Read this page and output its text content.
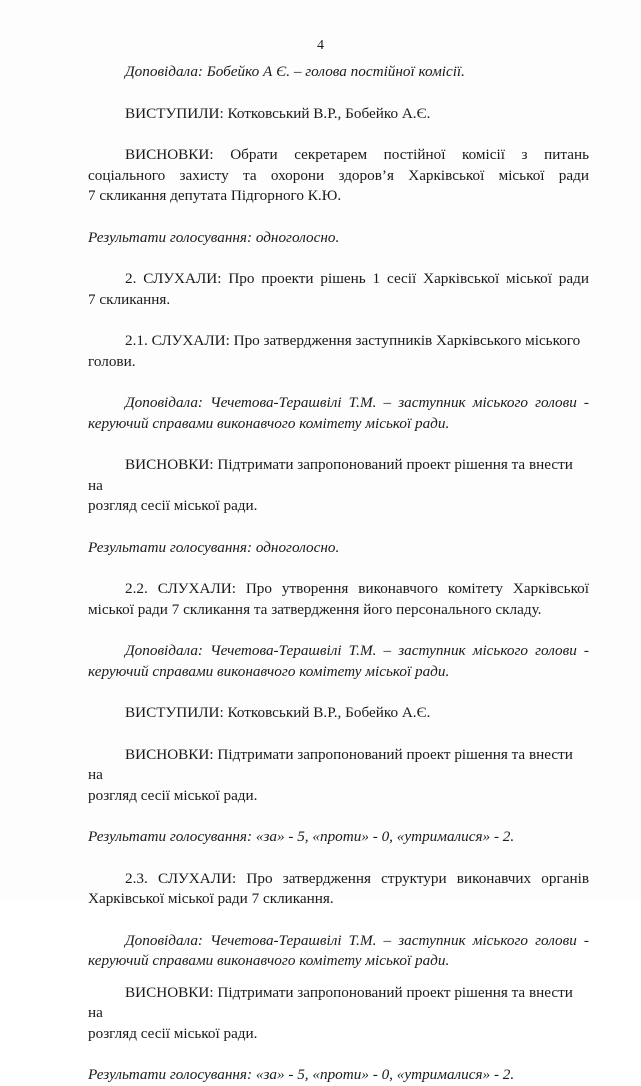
4

Доповідала: Бобейко А Є. – голова постійної комісії.

ВИСТУПИЛИ: Котковський В.Р., Бобейко А.Є.

ВИСНОВКИ: Обрати секретарем постійної комісії з питань

соціального захисту та охорони здоров’я Харківської міської ради

7 скликання депутата Підгорного К.Ю.

Результати голосування: одноголосно.

2. СЛУХАЛИ: Про проекти рішень 1 сесії Харківської міської ради

7 скликання.

2.1. СЛУХАЛИ: Про затвердження заступників Харківського міського

голови.

Доповідала: Чечетова-Терашвілі Т.М. – заступник міського голови -

керуючий справами виконавчого комітету міської ради.

ВИСНОВКИ: Підтримати запропонований проект рішення та внести на

розгляд сесії міської ради.

Результати голосування: одноголосно.

2.2. СЛУХАЛИ: Про утворення виконавчого комітету Харківської

міської ради 7 скликання та затвердження його персонального складу.

Доповідала: Чечетова-Терашвілі Т.М. – заступник міського голови -

керуючий справами виконавчого комітету міської ради.

ВИСТУПИЛИ: Котковський В.Р., Бобейко А.Є.

ВИСНОВКИ: Підтримати запропонований проект рішення та внести на

розгляд сесії міської ради.

Результати голосування: «за» - 5, «проти» - 0, «утрималися» - 2.

2.3. СЛУХАЛИ: Про затвердження структури виконавчих органів

Харківської міської ради 7 скликання.

Доповідала: Чечетова-Терашвілі Т.М. – заступник міського голови -

керуючий справами виконавчого комітету міської ради.

ВИСНОВКИ: Підтримати запропонований проект рішення та внести на

розгляд сесії міської ради.

Результати голосування: «за» - 5, «проти» - 0, «утрималися» - 2.
